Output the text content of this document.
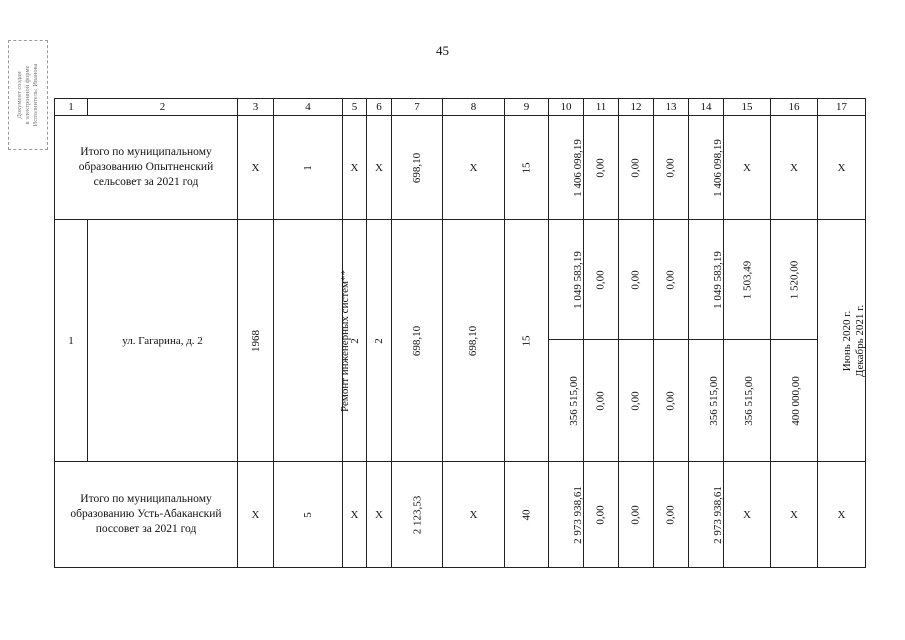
45
Документ создан в электронной форме Исполнитель: Иванова	1	2	3	4	5	6	7	8	9	10	11	12	13	14	15	16	17
Итого по муниципальному образованию Опытненский сельсовет за 2021 год		Х	1	Х	Х	698,10	Х	15	1 406 098,19	0,00	0,00	0,00	1 406 098,19	Х	Х	Х
1	ул. Гагарина, д. 2	1968	Ремонт инженерных систем**	2	2	698,10	698,10	15	1 049 583,19	0,00	0,00	0,00	1 049 583,19	1 503,49	1 520,00	Июнь 2020 г.
Декабрь 2021 г.
									356 515,00	0,00	0,00	0,00	356 515,00	356 515,00	400 000,00	
Итого по муниципальному образованию Усть-Абаканский поссовет за 2021 год		Х	5	Х	Х	2 123,53	Х	40	2 973 938,61	0,00	0,00	0,00	2 973 938,61	Х	Х	Х
